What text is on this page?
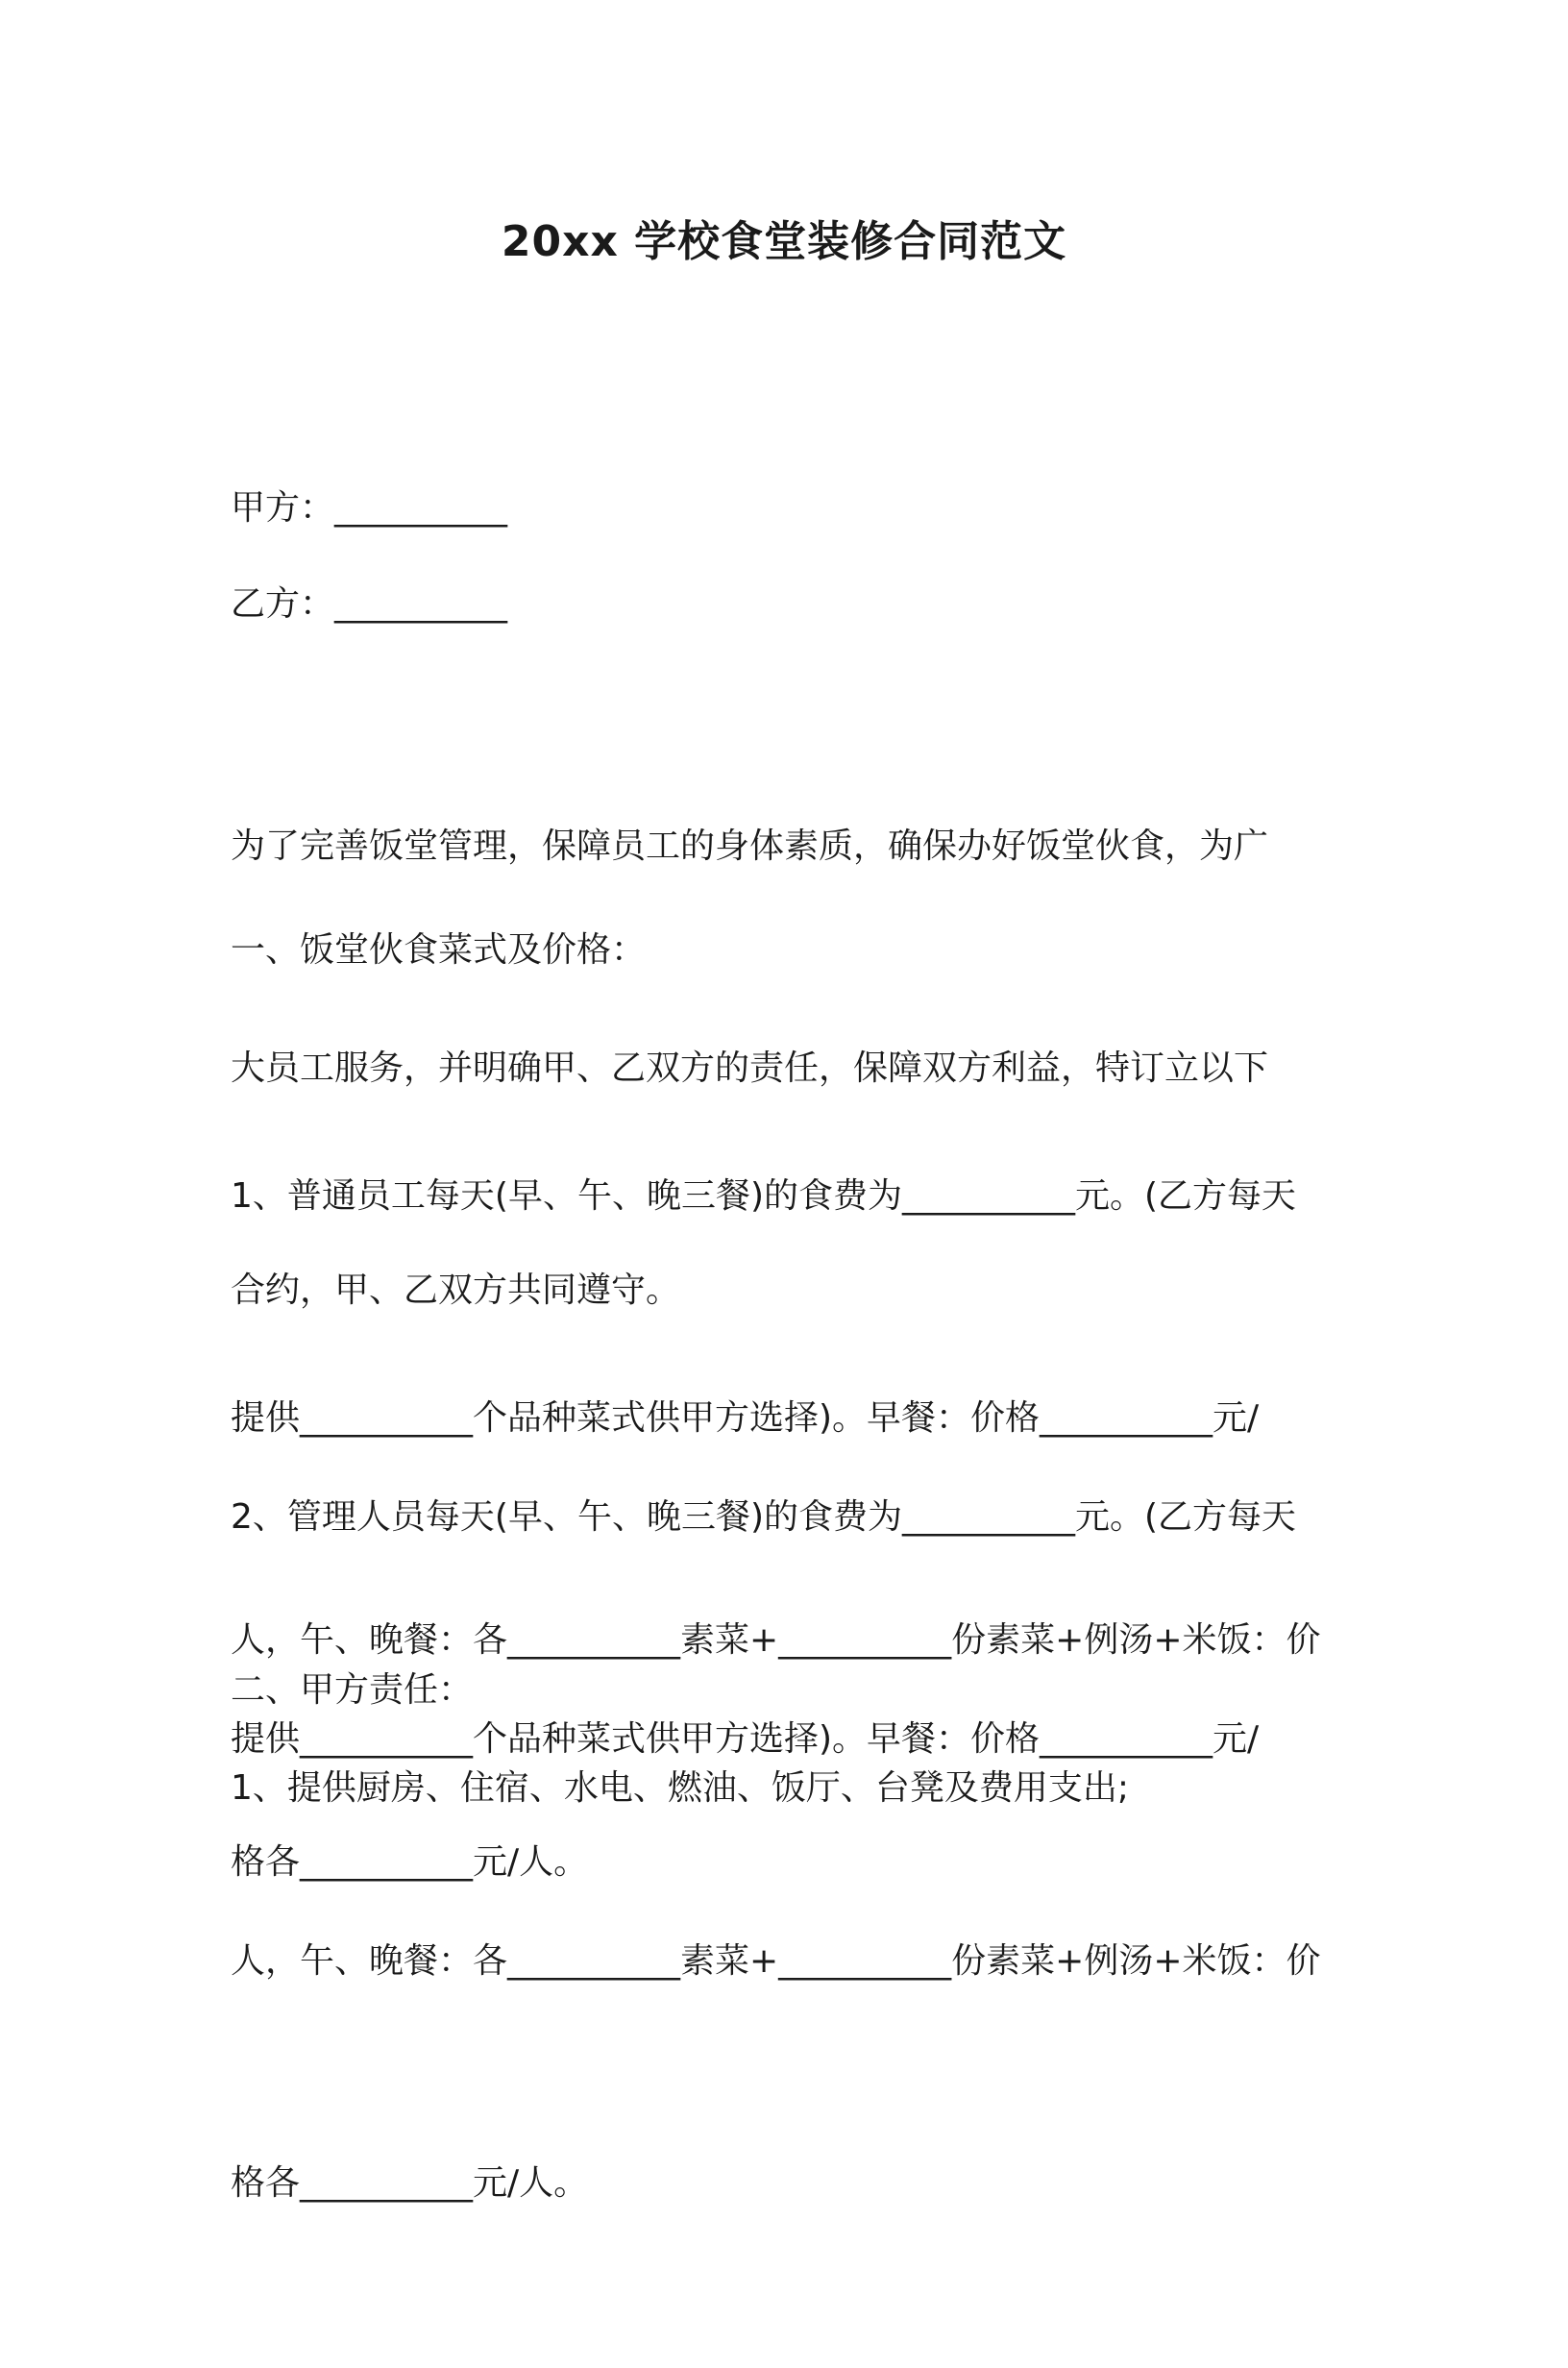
20xx 学校食堂装修合同范文

甲方：__________

乙方：__________

为了完善饭堂管理，保障员工的身体素质，确保办好饭堂伙食，为广

大员工服务，并明确甲、乙双方的责任，保障双方利益，特订立以下

合约，甲、乙双方共同遵守。

一、饭堂伙食菜式及价格：

1、普通员工每天(早、午、晚三餐)的食费为__________元。(乙方每天

提供__________个品种菜式供甲方选择)。早餐：价格__________元/

人，午、晚餐：各__________素菜+__________份素菜+例汤+米饭：价

格各__________元/人。

2、管理人员每天(早、午、晚三餐)的食费为__________元。(乙方每天

提供__________个品种菜式供甲方选择)。早餐：价格__________元/

人，午、晚餐：各__________素菜+__________份素菜+例汤+米饭：价

格各__________元/人。

二、甲方责任：

1、提供厨房、住宿、水电、燃油、饭厅、台凳及费用支出;
